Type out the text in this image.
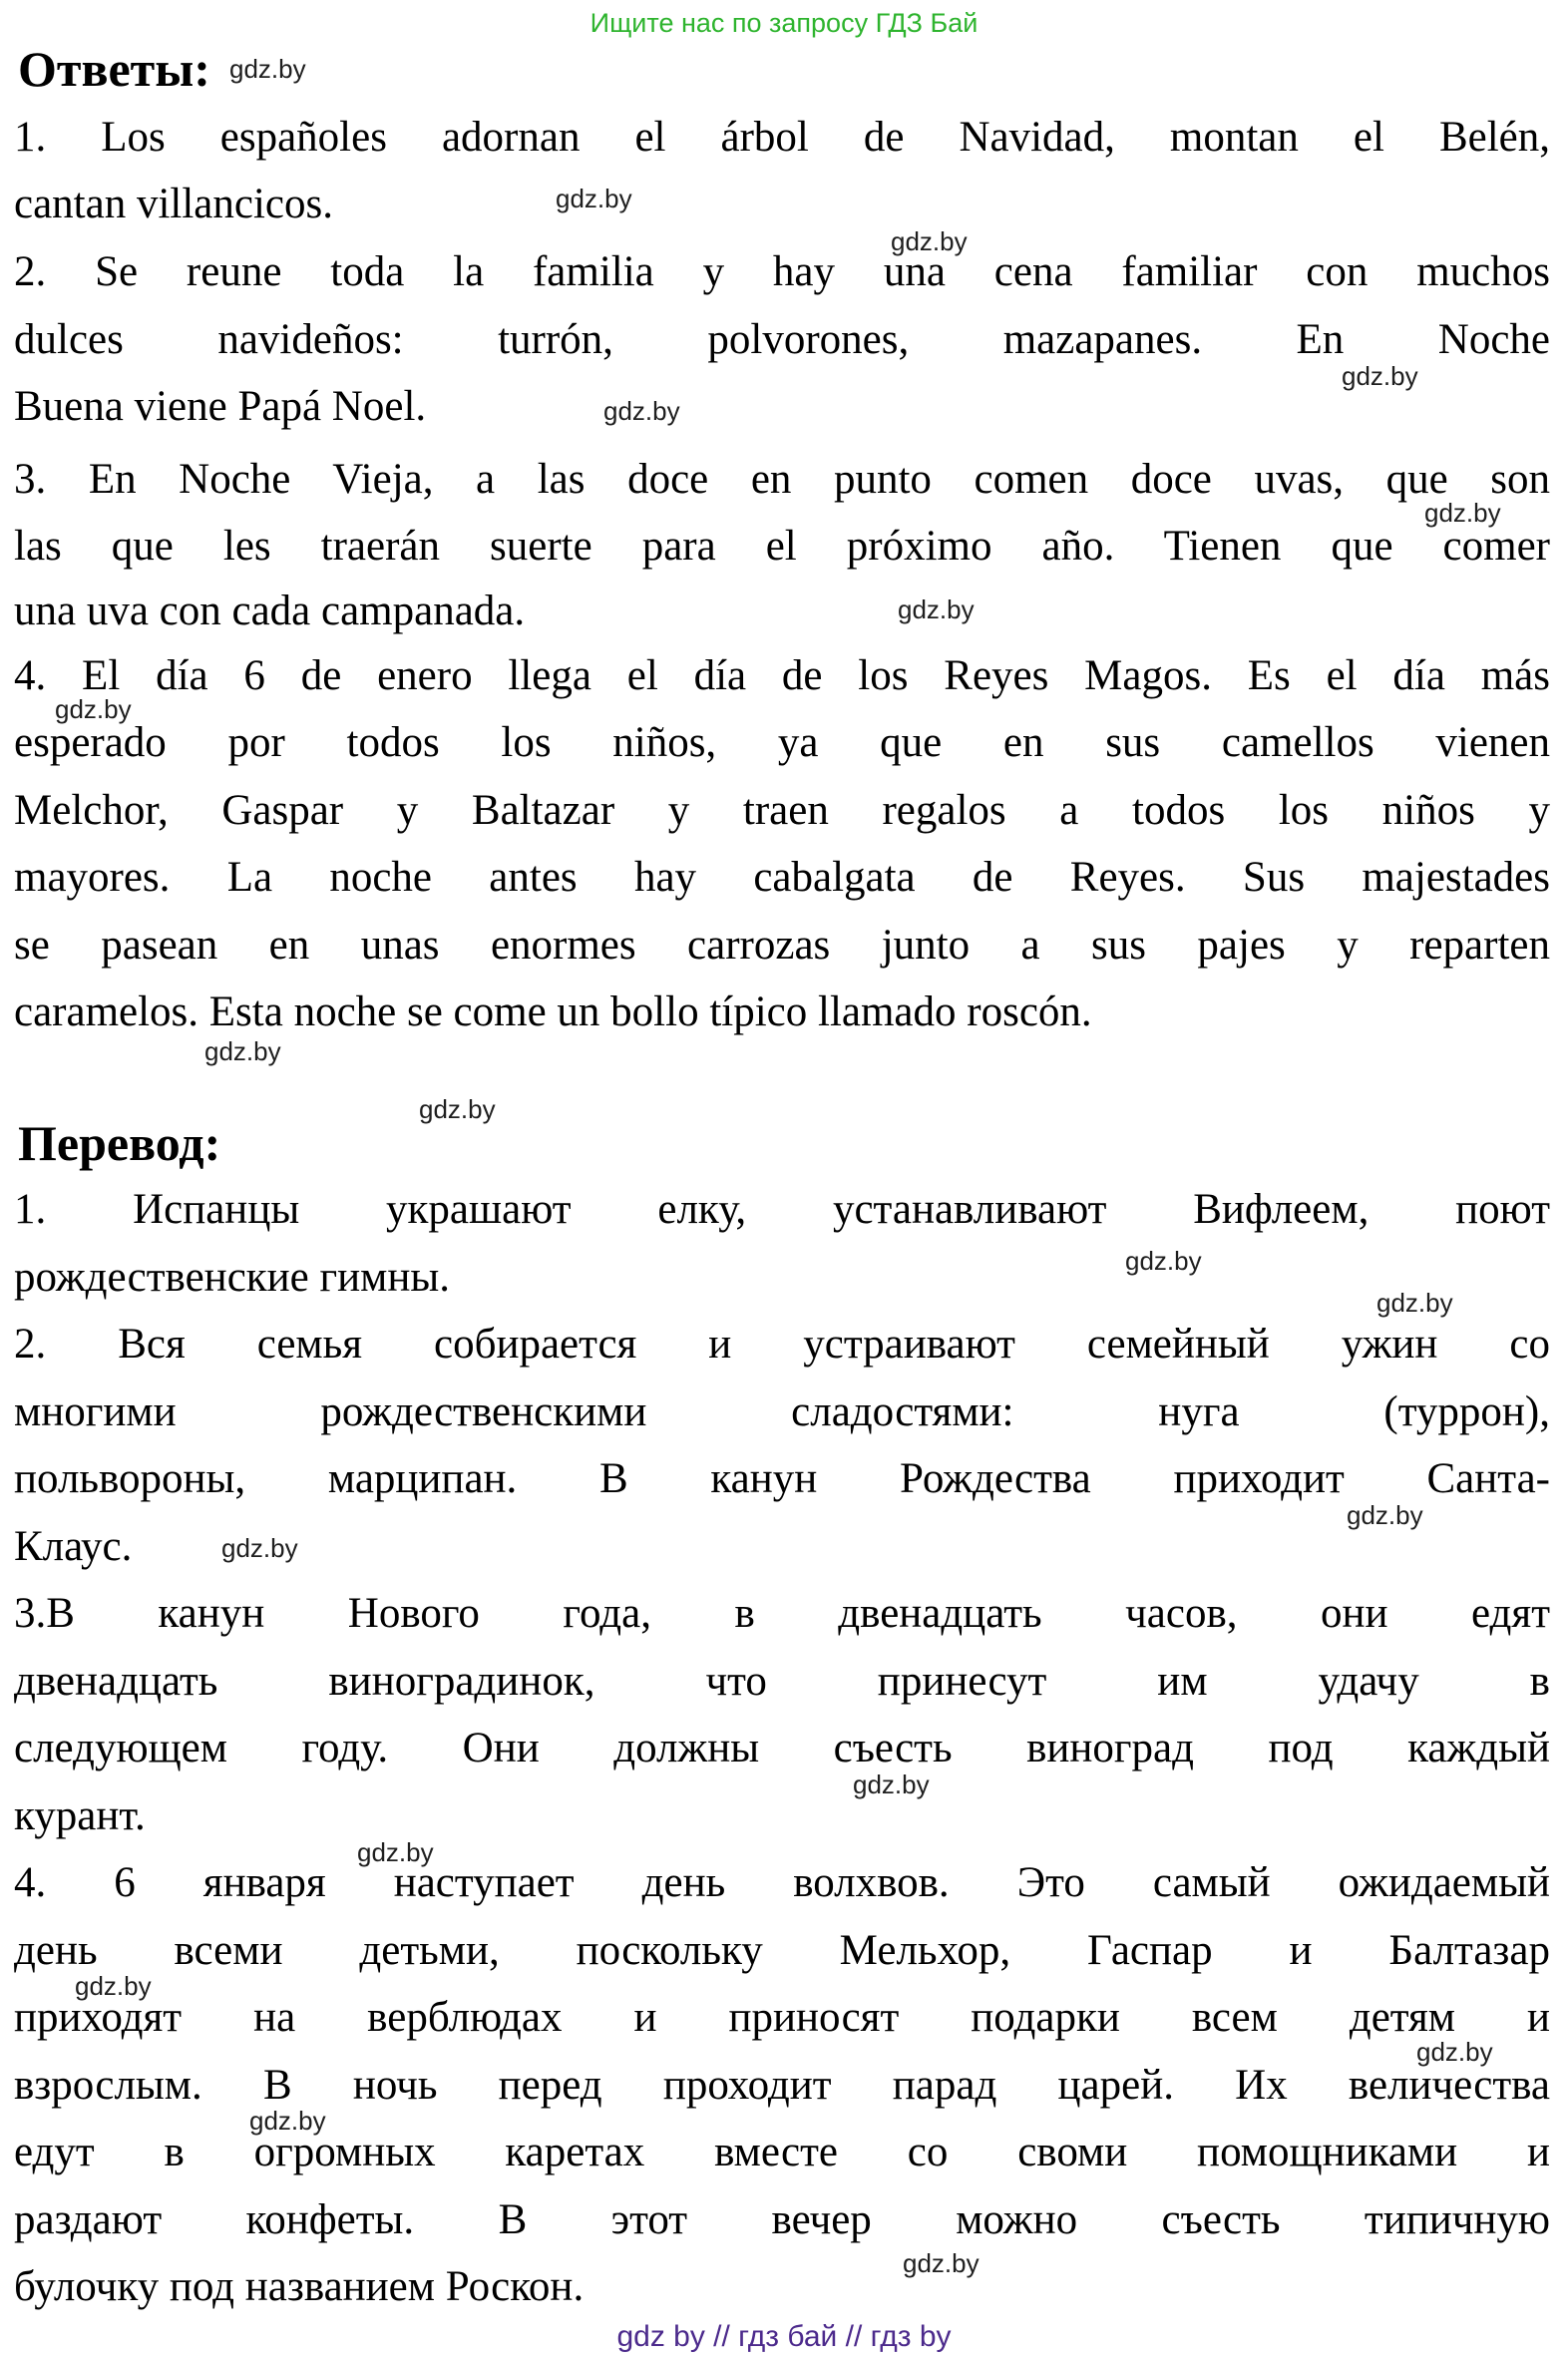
Ищите нас по запросу ГДЗ Бай
Ответы:
1. Los españoles adornan el árbol de Navidad, montan el Belén,
cantan villancicos.
2. Se reune toda la familia y hay una cena familiar con muchos
dulces navideños: turrón, polvorones, mazapanes. En Noche
Buena viene Papá Noel.
3. En Noche Vieja, a las doce en punto comen doce uvas, que son
las que les traerán suerte para el próximo año. Tienen que comer
una uva con cada campanada.
4. El día 6 de enero llega el día de los Reyes Magos. Es el día más
esperado por todos los niños, ya que en sus camellos vienen
Melchor, Gaspar y Baltazar y traen regalos a todos los niños y
mayores. La noche antes hay cabalgata de Reyes. Sus majestades
se pasean en unas enormes carrozas junto a sus pajes y reparten
caramelos. Esta noche se come un bollo típico llamado roscón.
Перевод:
1. Испанцы украшают елку, устанавливают Вифлеем, поют
рождественские гимны.
2. Вся семья собирается и устраивают семейный ужин со
многими рождественскими сладостями: нуга (туррон),
польвороны, марципан. В канун Рождества приходит Санта-
Клаус.
3.В канун Нового года, в двенадцать часов, они едят
двенадцать виноградинок, что принесут им удачу в
следующем году. Они должны съесть виноград под каждый
курант.
4. 6 января наступает день волхвов. Это самый ожидаемый
день всеми детьми, поскольку Мельхор, Гаспар и Балтазар
приходят на верблюдах и приносят подарки всем детям и
взрослым. В ночь перед проходит парад царей. Их величества
едут в огромных каретах вместе со своми помощниками и
раздают конфеты. В этот вечер можно съесть типичную
булочку под названием Роскон.
gdz.by
gdz.by
gdz.by
gdz.by
gdz.by
gdz.by
gdz.by
gdz.by
gdz.by
gdz.by
gdz.by
gdz.by
gdz.by
gdz.by
gdz.by
gdz.by
gdz.by
gdz.by
gdz.by
gdz.by
gdz by // гдз бай // гдз by
